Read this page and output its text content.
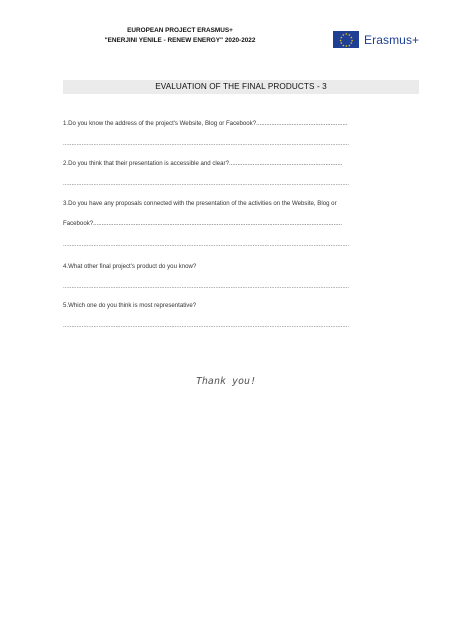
EUROPEAN PROJECT ERASMUS+
"ENERJINI YENILE - RENEW ENERGY" 2020-2022
★ ★
★
★
★
★
★
★
★
★
★
★ Erasmus+
EVALUATION OF THE FINAL PRODUCTS - 3
1.Do you know the address of the project's Website, Blog or Facebook?......................................................
.........................................................................................................................................................................
2.Do you think that their presentation is accessible and clear?...................................................................
.........................................................................................................................................................................
3.Do you have any proposals connected with the presentation of the activities on the Website, Blog or
Facebook?...................................................................................................................................................
.........................................................................................................................................................................
4.What other final project's product do you know?
.........................................................................................................................................................................
5.Which one do you think is most representative?
.........................................................................................................................................................................
Thank you!
